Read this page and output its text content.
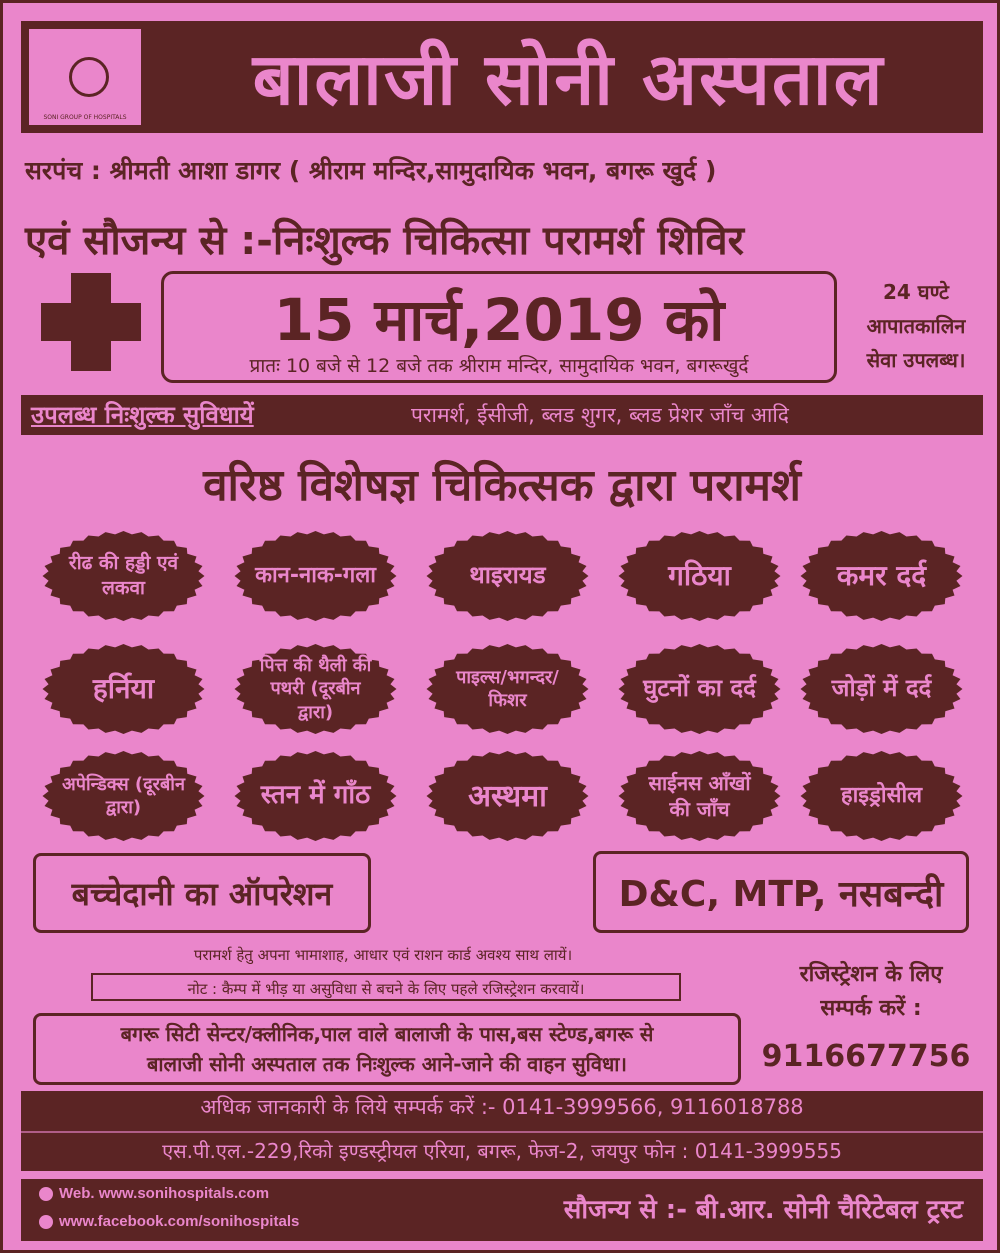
SONI GROUP OF HOSPITALS	बालाजी सोनी अस्पताल
सरपंच : श्रीमती आशा डागर ( श्रीराम मन्दिर,सामुदायिक भवन, बगरू खुर्द )
एवं सौजन्य से :-निःशुल्क चिकित्सा परामर्श शिविर
15 मार्च,2019 को
प्रातः 10 बजे से 12 बजे तक श्रीराम मन्दिर, सामुदायिक भवन, बगरूखुर्द
24 घण्टे
आपातकालिन
सेवा उपलब्ध।
उपलब्ध निःशुल्क सुविधायें	परामर्श, ईसीजी, ब्लड शुगर, ब्लड प्रेशर जाँच आदि
वरिष्ठ विशेषज्ञ चिकित्सक द्वारा परामर्श
रीढ की हड्डी एवं लकवा
कान-नाक-गला	थाइरायड	गठिया	कमर दर्द
हर्निया
पित्त की थैली की पथरी (दूरबीन द्वारा)
पाइल्स/भगन्दर/ फिशर	घुटनों का दर्द	जोड़ों में दर्द
अपेन्डिक्स (दूरबीन द्वारा)	स्तन में गाँठ	अस्थमा	साईनस आँखों की जाँच
हाइड्रोसील
बच्चेदानी का ऑपरेशन	D&C, MTP, नसबन्दी
परामर्श हेतु अपना भामाशाह, आधार एवं राशन कार्ड अवश्य साथ लायें।
नोट : कैम्प में भीड़ या असुविधा से बचने के लिए पहले रजिस्ट्रेशन करवायें।
बगरू सिटी सेन्टर/क्लीनिक,पाल वाले बालाजी के पास,बस स्टेण्ड,बगरू से
बालाजी सोनी अस्पताल तक निःशुल्क आने-जाने की वाहन सुविधा।
रजिस्ट्रेशन के लिए
सम्पर्क करें :
9116677756
अधिक जानकारी के लिये सम्पर्क करें :- 0141-3999566, 9116018788
एस.पी.एल.-229,रिको इण्डस्ट्रीयल एरिया, बगरू, फेज-2, जयपुर फोन : 0141-3999555
Web. www.sonihospitals.com
www.facebook.com/sonihospitals	सौजन्य से :- बी.आर. सोनी चैरिटेबल ट्रस्ट
